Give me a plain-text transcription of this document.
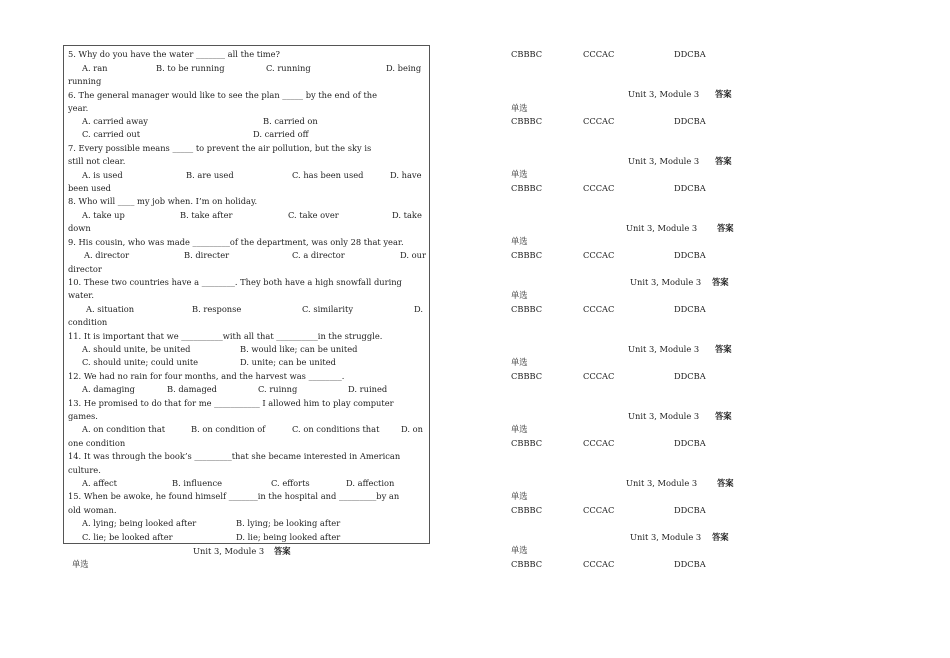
5. Why do you have the water _______ all the time?
A. ran	B. to be running	C. running	D. being
running
6. The general manager would like to see the plan _____ by the end of the
year.
A. carried away	B. carried on
C. carried out	D. carried off
7. Every possible means _____ to prevent the air pollution, but the sky is
still not clear.
A. is used	B. are used	C. has been used	D. have
been used
8. Who will ____ my job when. I’m on holiday.
A. take up	B. take after	C. take over	D. take
down
9. His cousin, who was made _________of the department, was only 28 that year.
A. director	B. directer	C. a director	D. our
director
10. These two countries have a ________. They both have a high snowfall during
water.
A. situation	B. response	C. similarity	D.
condition
11. It is important that we __________with all that __________in the struggle.
A. should unite, be united	B. would like; can be united
C. should unite; could unite	D. unite; can be united
12. We had no rain for four months, and the harvest was ________.
A. damaging	B. damaged	C. ruinng	D. ruined
13. He promised to do that for me ___________ I allowed him to play computer
games.
A. on condition that	B. on condition of	C. on conditions that	D. on
one condition
14. It was through the book’s _________that she became interested in American
culture.
A. affect	B. influence	C. efforts	D. affection
15. When be awoke, he found himself _______in the hospital and _________by an
old woman.
A. lying; being looked after	B. lying; be looking after
C. lie; be looked after	D. lie; being looked after
Unit 3, Module 3 答案
单选
CBBBC	CCCAC	DDCBA
Unit 3, Module 3 答案
单选
CBBBC	CCCAC	DDCBA
Unit 3, Module 3 答案
单选
CBBBC	CCCAC	DDCBA
Unit 3, Module 3 答案
单选
CBBBC	CCCAC	DDCBA
Unit 3, Module 3 答案
单选
CBBBC	CCCAC	DDCBA
Unit 3, Module 3 答案
单选
CBBBC	CCCAC	DDCBA
Unit 3, Module 3 答案
单选
CBBBC	CCCAC	DDCBA
Unit 3, Module 3 答案
单选
CBBBC	CCCAC	DDCBA
Unit 3, Module 3 答案
单选
CBBBC	CCCAC	DDCBA
